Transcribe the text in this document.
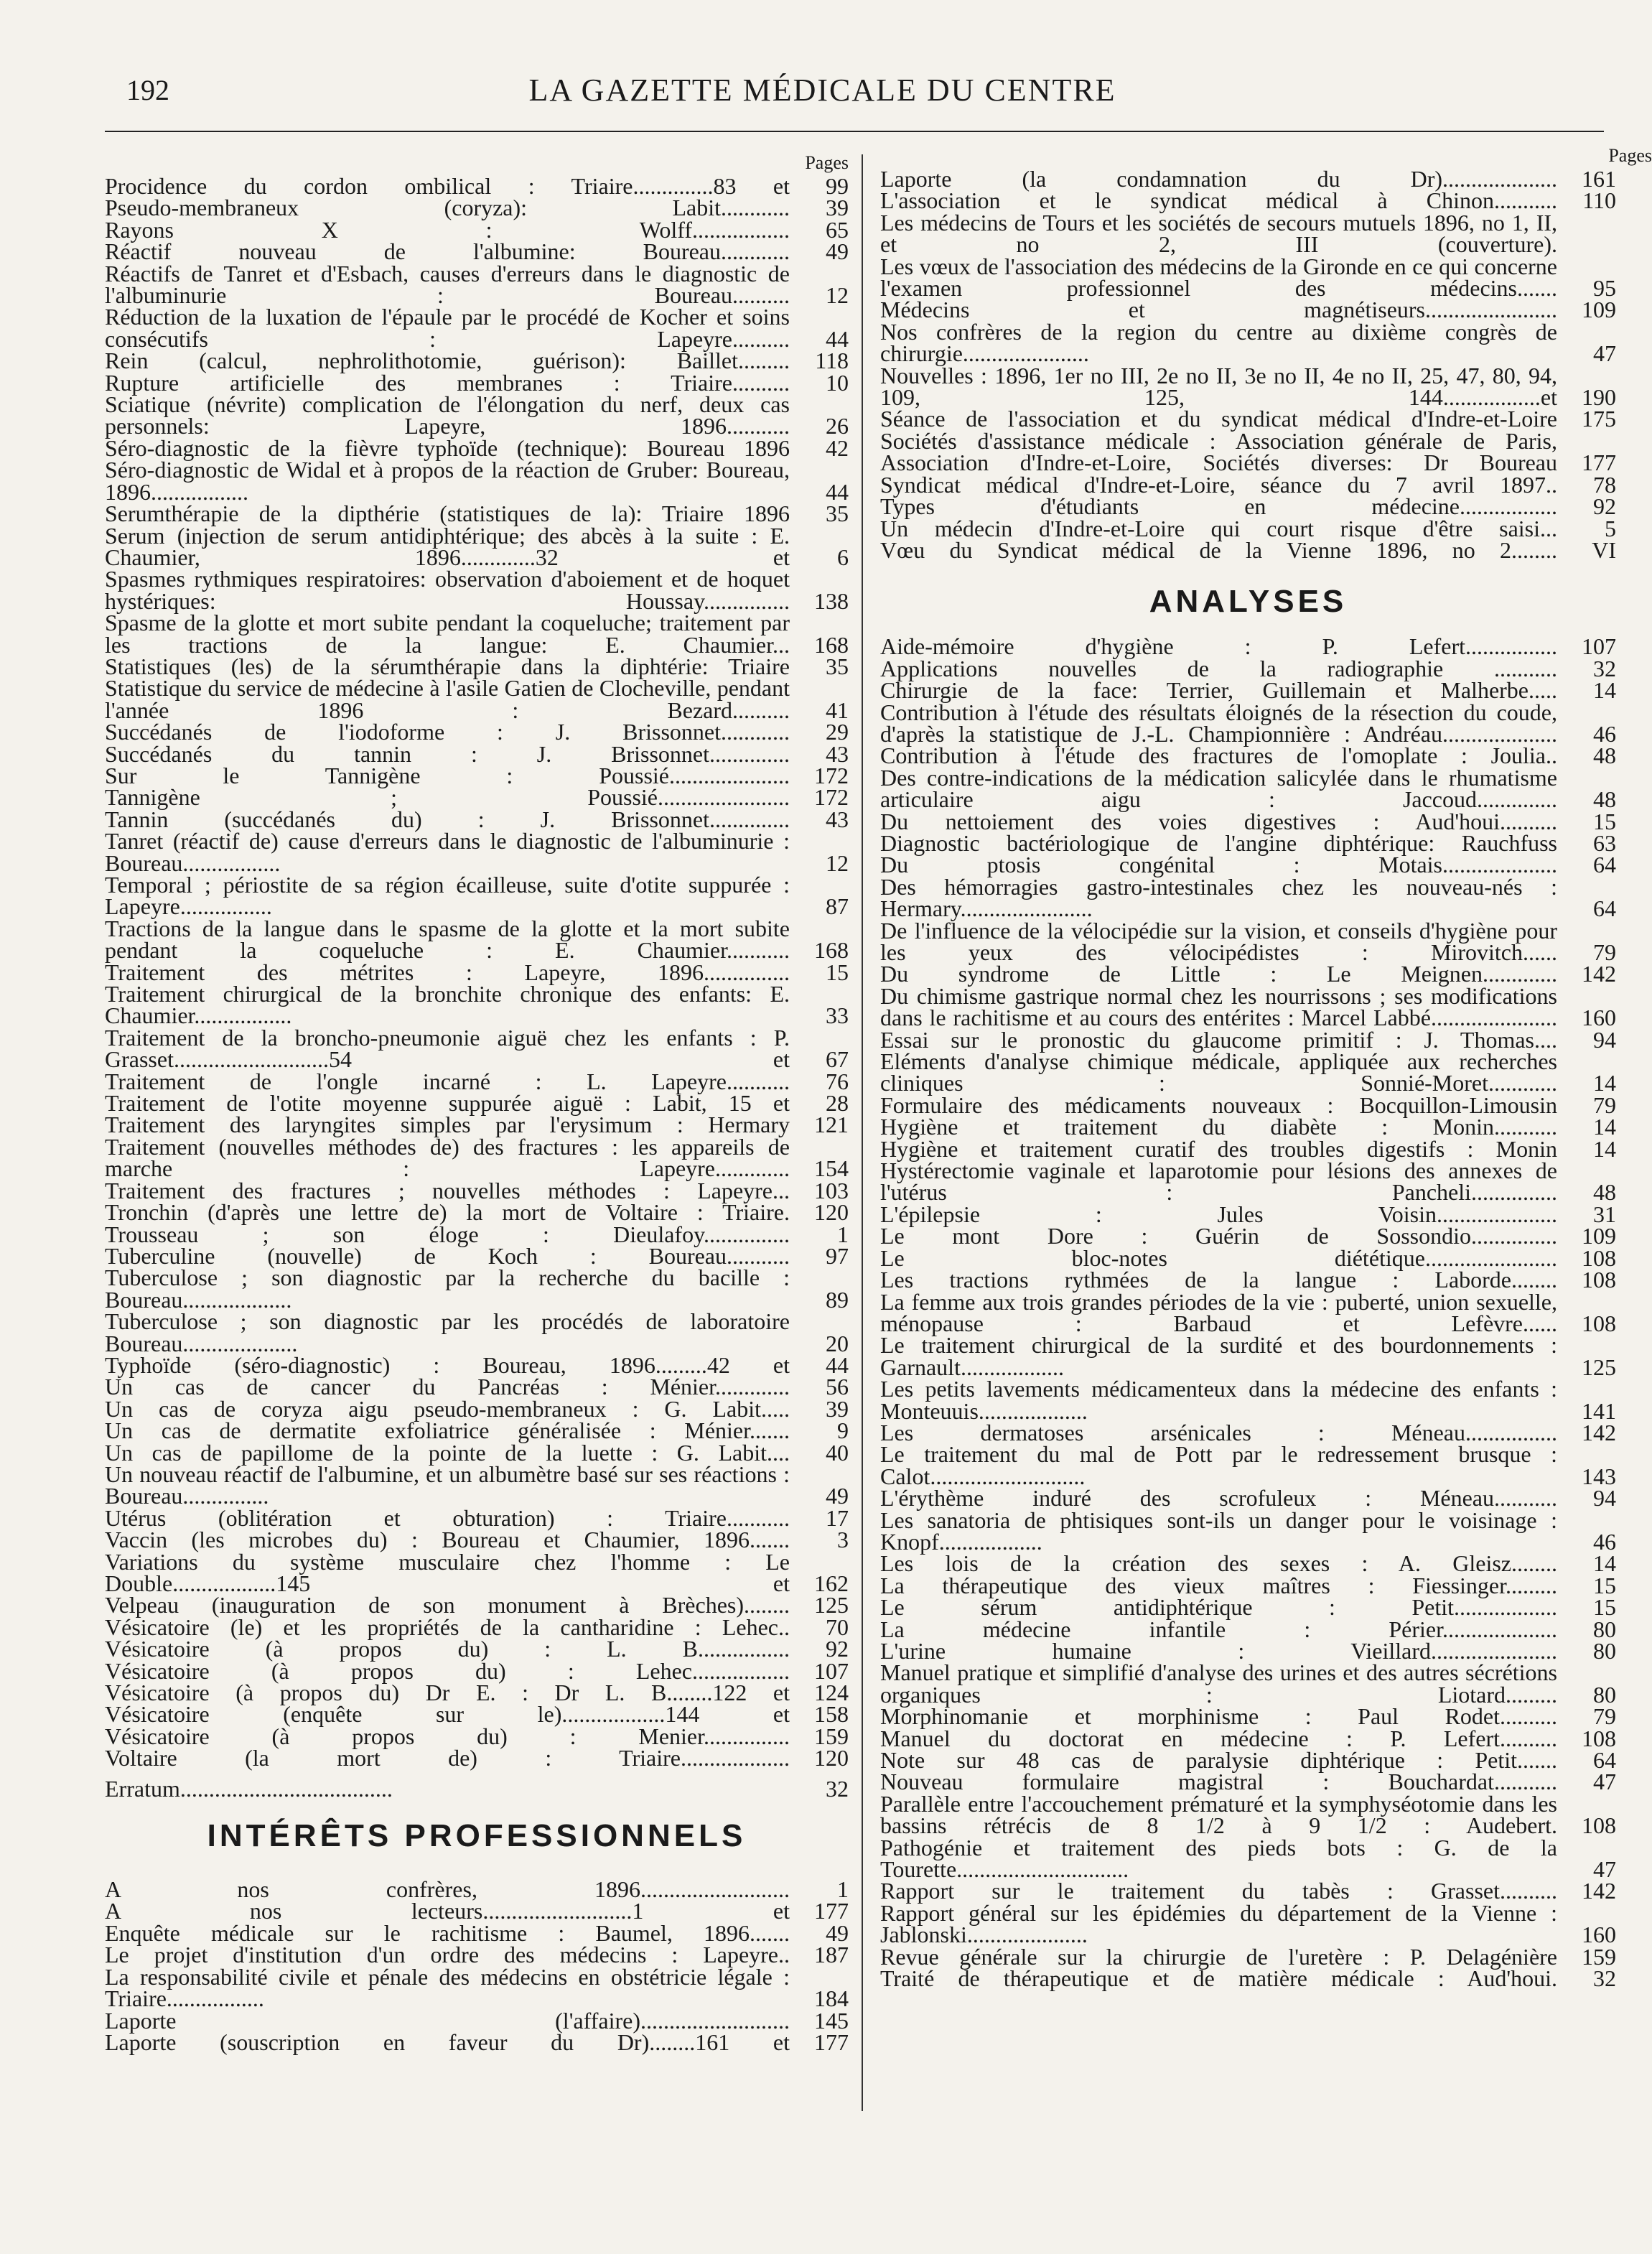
192	LA GAZETTE MÉDICALE DU CENTRE
Pages
Procidence du cordon ombilical : Triaire..............83 et	99
Pseudo-membraneux (coryza): Labit............	39
Rayons X : Wolff.................	65
Réactif nouveau de l'albumine: Boureau............	49
Réactifs de Tanret et d'Esbach, causes d'erreurs dans le diagnostic de l'albuminurie : Boureau..........	12
Réduction de la luxation de l'épaule par le procédé de Kocher et soins consécutifs : Lapeyre..........	44
Rein (calcul, nephrolithotomie, guérison): Baillet.........	118
Rupture artificielle des membranes : Triaire..........	10
Sciatique (névrite) complication de l'élongation du nerf, deux cas personnels: Lapeyre, 1896...........	26
Séro-diagnostic de la fièvre typhoïde (technique): Boureau 1896	42
Séro-diagnostic de Widal et à propos de la réaction de Gruber: Boureau, 1896.................	44
Serumthérapie de la dipthérie (statistiques de la): Triaire 1896	35
Serum (injection de serum antidiphtérique; des abcès à la suite : E. Chaumier, 1896.............32 et	6
Spasmes rythmiques respiratoires: observation d'aboiement et de hoquet hystériques: Houssay...............	138
Spasme de la glotte et mort subite pendant la coqueluche; traitement par les tractions de la langue: E. Chaumier...	168
Statistiques (les) de la sérumthérapie dans la diphtérie: Triaire	35
Statistique du service de médecine à l'asile Gatien de Clocheville, pendant l'année 1896 : Bezard..........	41
Succédanés de l'iodoforme : J. Brissonnet............	29
Succédanés du tannin : J. Brissonnet..............	43
Sur le Tannigène : Poussié.....................	172
Tannigène ; Poussié.......................	172
Tannin (succédanés du) : J. Brissonnet..............	43
Tanret (réactif de) cause d'erreurs dans le diagnostic de l'albuminurie : Boureau.................	12
Temporal ; périostite de sa région écailleuse, suite d'otite suppurée : Lapeyre................	87
Tractions de la langue dans le spasme de la glotte et la mort subite pendant la coqueluche : E. Chaumier...........	168
Traitement des métrites : Lapeyre, 1896...............	15
Traitement chirurgical de la bronchite chronique des enfants: E. Chaumier.................	33
Traitement de la broncho-pneumonie aiguë chez les enfants : P. Grasset...........................54 et	67
Traitement de l'ongle incarné : L. Lapeyre...........	76
Traitement de l'otite moyenne suppurée aiguë : Labit, 15 et	28
Traitement des laryngites simples par l'erysimum : Hermary	121
Traitement (nouvelles méthodes de) des fractures : les appareils de marche : Lapeyre.............	154
Traitement des fractures ; nouvelles méthodes : Lapeyre...	103
Tronchin (d'après une lettre de) la mort de Voltaire : Triaire.	120
Trousseau ; son éloge : Dieulafoy...............	1
Tuberculine (nouvelle) de Koch : Boureau...........	97
Tuberculose ; son diagnostic par la recherche du bacille : Boureau...................	89
Tuberculose ; son diagnostic par les procédés de laboratoire Boureau....................	20
Typhoïde (séro-diagnostic) : Boureau, 1896.........42 et	44
Un cas de cancer du Pancréas : Ménier.............	56
Un cas de coryza aigu pseudo-membraneux : G. Labit.....	39
Un cas de dermatite exfoliatrice généralisée : Ménier.......	9
Un cas de papillome de la pointe de la luette : G. Labit....	40
Un nouveau réactif de l'albumine, et un albumètre basé sur ses réactions : Boureau...............	49
Utérus (oblitération et obturation) : Triaire...........	17
Vaccin (les microbes du) : Boureau et Chaumier, 1896.......	3
Variations du système musculaire chez l'homme : Le Double..................145 et	162
Velpeau (inauguration de son monument à Brèches)........	125
Vésicatoire (le) et les propriétés de la cantharidine : Lehec..	70
Vésicatoire (à propos du) : L. B................	92
Vésicatoire (à propos du) : Lehec.................	107
Vésicatoire (à propos du) Dr E. : Dr L. B........122 et	124
Vésicatoire (enquête sur le)..................144 et	158
Vésicatoire (à propos du) : Menier...............	159
Voltaire (la mort de) : Triaire...................	120
Erratum.....................................	32
INTÉRÊTS PROFESSIONNELS
A nos confrères, 1896..........................	1
A nos lecteurs..........................1 et	177
Enquête médicale sur le rachitisme : Baumel, 1896.......	49
Le projet d'institution d'un ordre des médecins : Lapeyre..	187
La responsabilité civile et pénale des médecins en obstétricie légale : Triaire.................	184
Laporte (l'affaire)..........................	145
Laporte (souscription en faveur du Dr)........161 et	177
Pages
Laporte (la condamnation du Dr)....................	161
L'association et le syndicat médical à Chinon...........	110
Les médecins de Tours et les sociétés de secours mutuels 1896, no 1, II, et no 2, III (couverture).
Les vœux de l'association des médecins de la Gironde en ce qui concerne l'examen professionnel des médecins.......	95
Médecins et magnétiseurs.......................	109
Nos confrères de la region du centre au dixième congrès de chirurgie......................	47
Nouvelles : 1896, 1er no III, 2e no II, 3e no II, 4e no II, 25, 47, 80, 94, 109, 125, 144.................et	190
Séance de l'association et du syndicat médical d'Indre-et-Loire	175
Sociétés d'assistance médicale : Association générale de Paris, Association d'Indre-et-Loire, Sociétés diverses: Dr Boureau	177
Syndicat médical d'Indre-et-Loire, séance du 7 avril 1897..	78
Types d'étudiants en médecine.................	92
Un médecin d'Indre-et-Loire qui court risque d'être saisi...	5
Vœu du Syndicat médical de la Vienne 1896, no 2........	VI
ANALYSES
Aide-mémoire d'hygiène : P. Lefert................	107
Applications nouvelles de la radiographie ...........	32
Chirurgie de la face: Terrier, Guillemain et Malherbe.....	14
Contribution à l'étude des résultats éloignés de la résection du coude, d'après la statistique de J.-L. Championnière : Andréau....................	46
Contribution à l'étude des fractures de l'omoplate : Joulia..	48
Des contre-indications de la médication salicylée dans le rhumatisme articulaire aigu : Jaccoud..............	48
Du nettoiement des voies digestives : Aud'houi..........	15
Diagnostic bactériologique de l'angine diphtérique: Rauchfuss	63
Du ptosis congénital : Motais....................	64
Des hémorragies gastro-intestinales chez les nouveau-nés : Hermary.......................	64
De l'influence de la vélocipédie sur la vision, et conseils d'hygiène pour les yeux des vélocipédistes : Mirovitch......	79
Du syndrome de Little : Le Meignen.............	142
Du chimisme gastrique normal chez les nourrissons ; ses modifications dans le rachitisme et au cours des entérites : Marcel Labbé......................	160
Essai sur le pronostic du glaucome primitif : J. Thomas....	94
Eléments d'analyse chimique médicale, appliquée aux recherches cliniques : Sonnié-Moret............	14
Formulaire des médicaments nouveaux : Bocquillon-Limousin	79
Hygiène et traitement du diabète : Monin...........	14
Hygiène et traitement curatif des troubles digestifs : Monin	14
Hystérectomie vaginale et laparotomie pour lésions des annexes de l'utérus : Pancheli...............	48
L'épilepsie : Jules Voisin.....................	31
Le mont Dore : Guérin de Sossondio...............	109
Le bloc-notes diététique.......................	108
Les tractions rythmées de la langue : Laborde........	108
La femme aux trois grandes périodes de la vie : puberté, union sexuelle, ménopause : Barbaud et Lefèvre......	108
Le traitement chirurgical de la surdité et des bourdonnements : Garnault..................	125
Les petits lavements médicamenteux dans la médecine des enfants : Monteuuis...................	141
Les dermatoses arsénicales : Méneau................	142
Le traitement du mal de Pott par le redressement brusque : Calot...........................	143
L'érythème induré des scrofuleux : Méneau...........	94
Les sanatoria de phtisiques sont-ils un danger pour le voisinage : Knopf..................	46
Les lois de la création des sexes : A. Gleisz........	14
La thérapeutique des vieux maîtres : Fiessinger.........	15
Le sérum antidiphtérique : Petit..................	15
La médecine infantile : Périer....................	80
L'urine humaine : Vieillard......................	80
Manuel pratique et simplifié d'analyse des urines et des autres sécrétions organiques : Liotard.........	80
Morphinomanie et morphinisme : Paul Rodet..........	79
Manuel du doctorat en médecine : P. Lefert..........	108
Note sur 48 cas de paralysie diphtérique : Petit.......	64
Nouveau formulaire magistral : Bouchardat...........	47
Parallèle entre l'accouchement prématuré et la symphyséotomie dans les bassins rétrécis de 8 1/2 à 9 1/2 : Audebert.	108
Pathogénie et traitement des pieds bots : G. de la Tourette..............................	47
Rapport sur le traitement du tabès : Grasset..........	142
Rapport général sur les épidémies du département de la Vienne : Jablonski.....................	160
Revue générale sur la chirurgie de l'uretère : P. Delagénière	159
Traité de thérapeutique et de matière médicale : Aud'houi.	32
